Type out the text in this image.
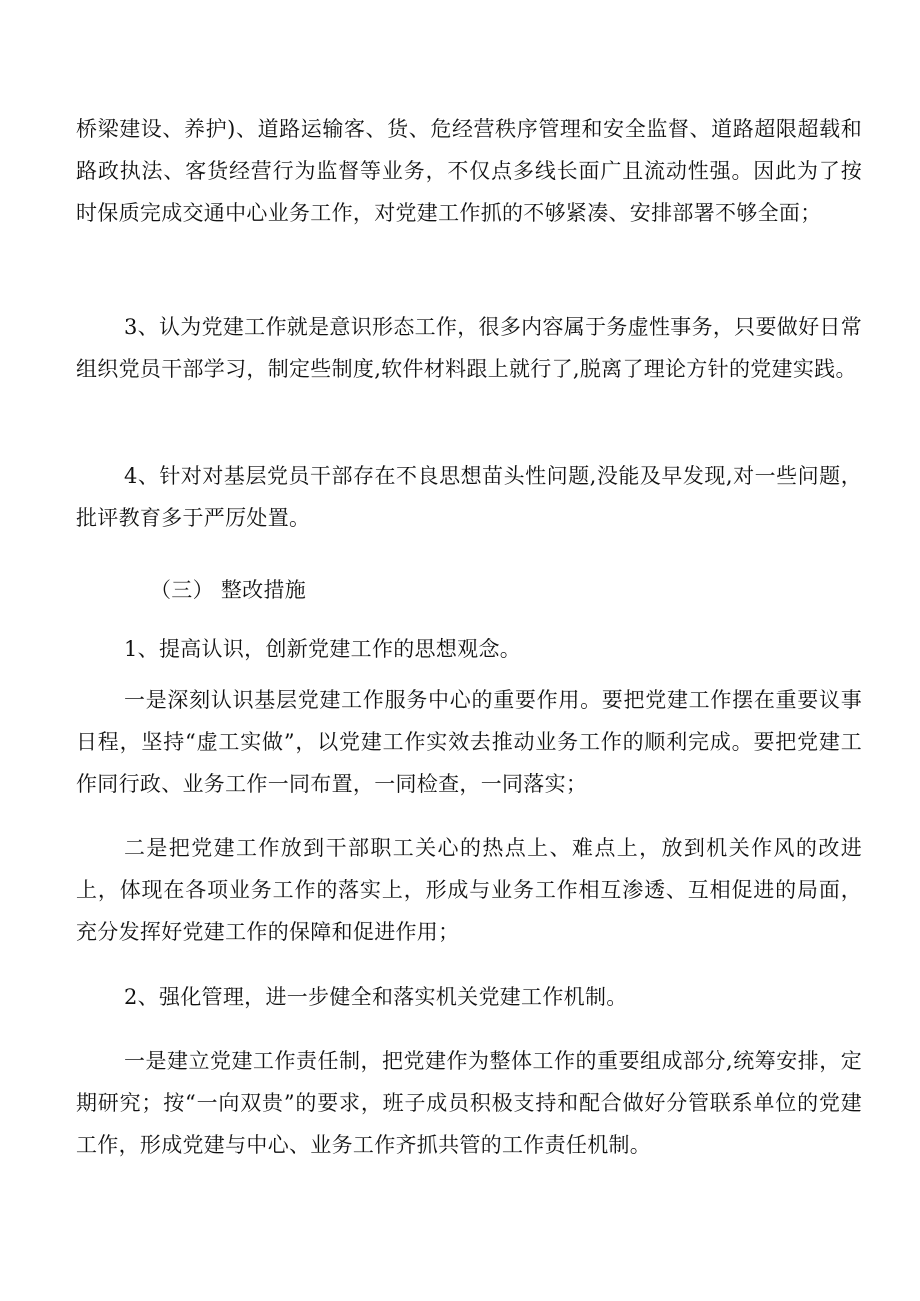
桥梁建设、养护)、道路运输客、货、危经营秩序管理和安全监督、道路超限超载和路政执法、客货经营行为监督等业务，不仅点多线长面广且流动性强。因此为了按时保质完成交通中心业务工作，对党建工作抓的不够紧凑、安排部署不够全面；

3、认为党建工作就是意识形态工作，很多内容属于务虚性事务，只要做好日常组织党员干部学习，制定些制度,软件材料跟上就行了,脱离了理论方针的党建实践。

4、针对对基层党员干部存在不良思想苗头性问题,没能及早发现,对一些问题，批评教育多于严厉处置。

（三） 整改措施

1、提高认识，创新党建工作的思想观念。

一是深刻认识基层党建工作服务中心的重要作用。要把党建工作摆在重要议事日程，坚持“虚工实做”，以党建工作实效去推动业务工作的顺利完成。要把党建工作同行政、业务工作一同布置，一同检查，一同落实；

二是把党建工作放到干部职工关心的热点上、难点上，放到机关作风的改进上，体现在各项业务工作的落实上，形成与业务工作相互渗透、互相促进的局面，充分发挥好党建工作的保障和促进作用；

2、强化管理，进一步健全和落实机关党建工作机制。

一是建立党建工作责任制，把党建作为整体工作的重要组成部分,统筹安排，定期研究；按“一向双贵”的要求，班子成员积极支持和配合做好分管联系单位的党建工作，形成党建与中心、业务工作齐抓共管的工作责任机制。
